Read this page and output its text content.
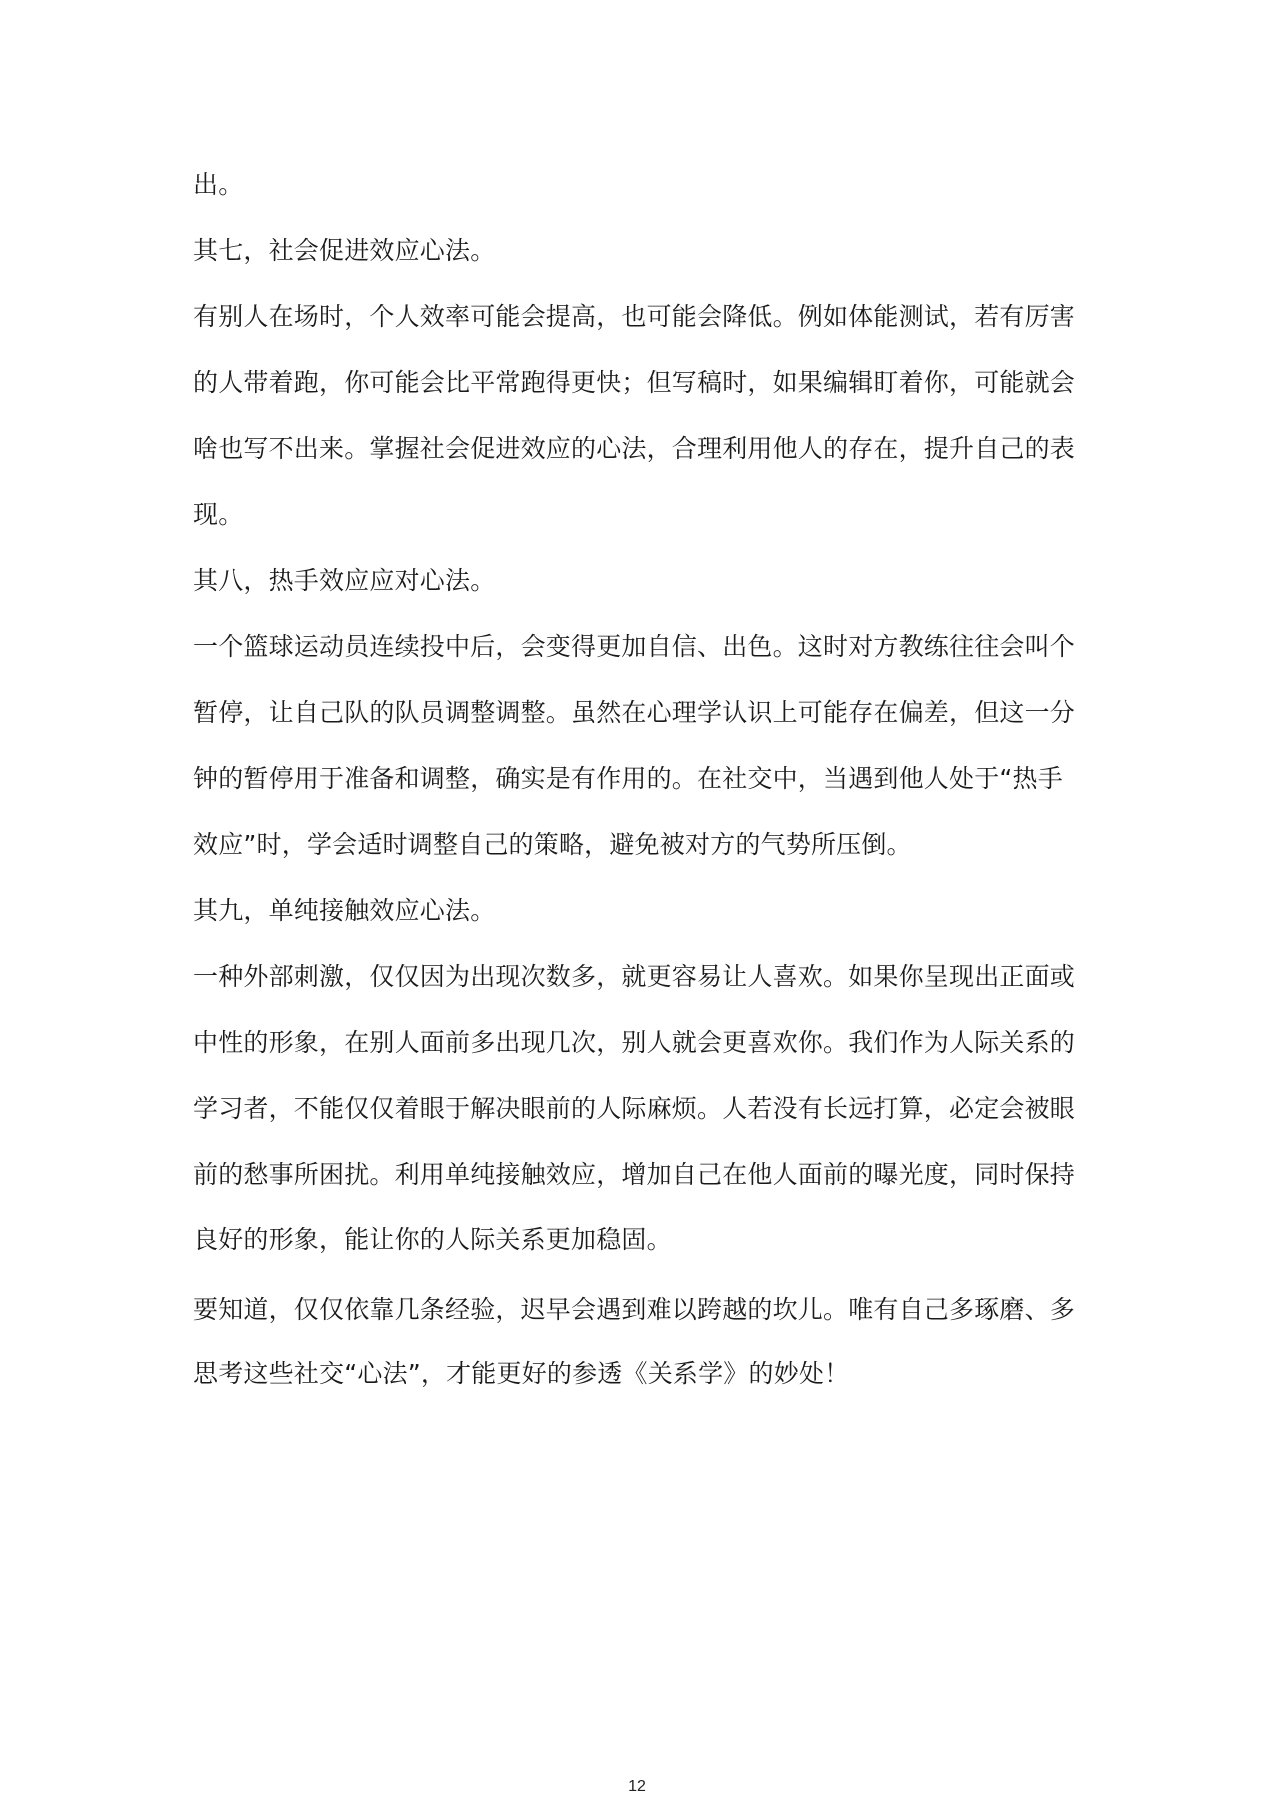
出。
其七，社会促进效应心法。
有别人在场时，个人效率可能会提高，也可能会降低。例如体能测试，若有厉害
的人带着跑，你可能会比平常跑得更快；但写稿时，如果编辑盯着你，可能就会
啥也写不出来。掌握社会促进效应的心法，合理利用他人的存在，提升自己的表
现。
其八，热手效应应对心法。
一个篮球运动员连续投中后，会变得更加自信、出色。这时对方教练往往会叫个
暂停，让自己队的队员调整调整。虽然在心理学认识上可能存在偏差，但这一分
钟的暂停用于准备和调整，确实是有作用的。在社交中，当遇到他人处于“热手
效应”时，学会适时调整自己的策略，避免被对方的气势所压倒。
其九，单纯接触效应心法。
一种外部刺激，仅仅因为出现次数多，就更容易让人喜欢。如果你呈现出正面或
中性的形象，在别人面前多出现几次，别人就会更喜欢你。我们作为人际关系的
学习者，不能仅仅着眼于解决眼前的人际麻烦。人若没有长远打算，必定会被眼
前的愁事所困扰。利用单纯接触效应，增加自己在他人面前的曝光度，同时保持
良好的形象，能让你的人际关系更加稳固。
要知道，仅仅依靠几条经验，迟早会遇到难以跨越的坎儿。唯有自己多琢磨、多
思考这些社交“心法”，才能更好的参透《关系学》的妙处！
12
